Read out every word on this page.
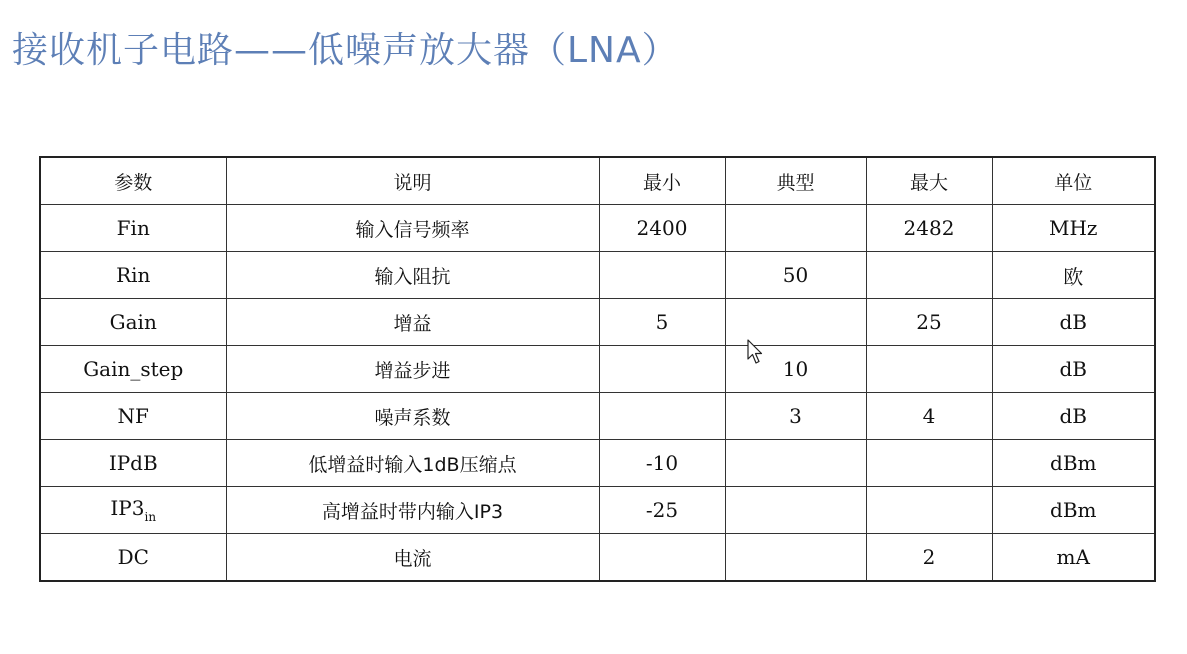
接收机子电路——低噪声放大器（LNA）
参数	说明	最小	典型	最大	单位
Fin	输入信号频率	2400		2482	MHz
Rin	输入阻抗		50		欧
Gain	增益	5		25	dB
Gain_step	增益步进		10		dB
NF	噪声系数		3	4	dB
IPdB	低增益时输入1dB压缩点	-10			dBm
$IP3_{in}$	高增益时带内输入IP3	-25			dBm
DC	电流			2	mA
